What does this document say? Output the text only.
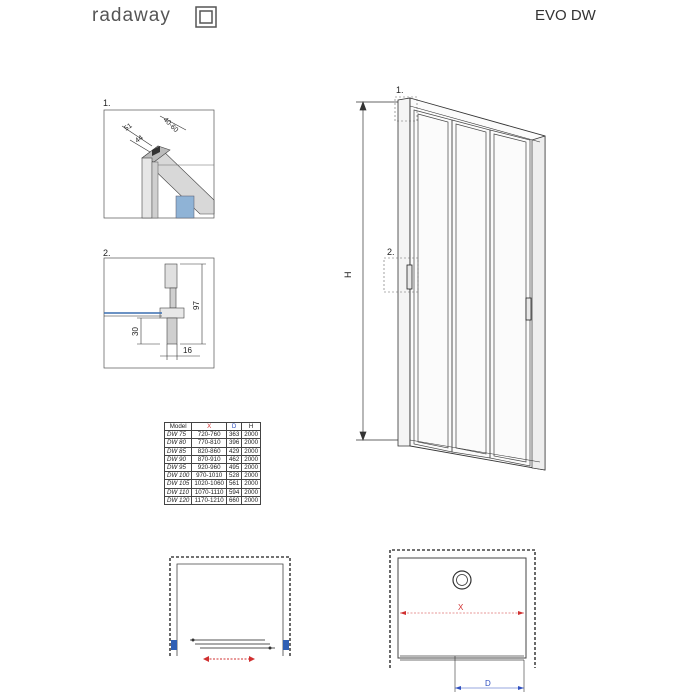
radaway	EVO DW
1.
51
44
40-60
2.
97
30
16
H
1.
2.
X
D
Model	X	D	H
DW 75	720-760	363	2000
DW 80	770-810	396	2000
DW 85	820-860	429	2000
DW 90	870-910	462	2000
DW 95	920-960	495	2000
DW 100	970-1010	528	2000
DW 105	1020-1060	561	2000
DW 110	1070-1110	594	2000
DW 120	1170-1210	660	2000
